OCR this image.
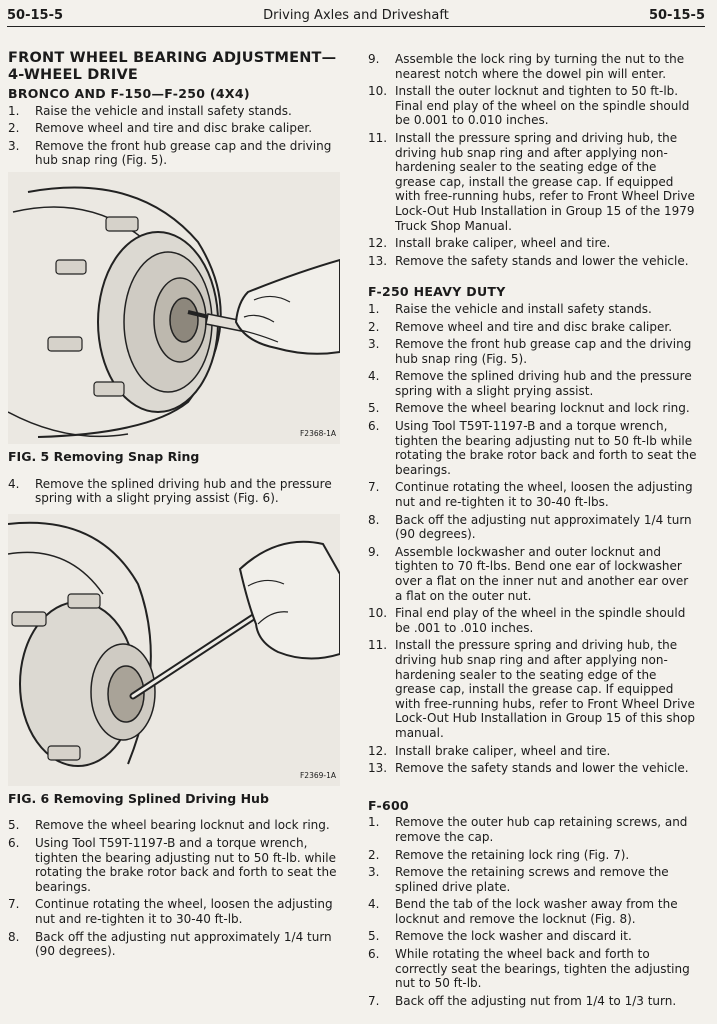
50-15-5	Driving Axles and Driveshaft	50-15-5
FRONT WHEEL BEARING ADJUSTMENT—4-WHEEL DRIVE
BRONCO AND F-150—F-250 (4X4)
1. Raise the vehicle and install safety stands.
2. Remove wheel and tire and disc brake caliper.
3. Remove the front hub grease cap and the driving hub snap ring (Fig. 5).
F2368-1A
FIG. 5 Removing Snap Ring
4. Remove the splined driving hub and the pressure spring with a slight prying assist (Fig. 6).
F2369-1A
FIG. 6 Removing Splined Driving Hub
5. Remove the wheel bearing locknut and lock ring.
6. Using Tool T59T-1197-B and a torque wrench, tighten the bearing adjusting nut to 50 ft-lb. while rotating the brake rotor back and forth to seat the bearings.
7. Continue rotating the wheel, loosen the adjusting nut and re-tighten it to 30-40 ft-lb.
8. Back off the adjusting nut approximately 1/4 turn (90 degrees).
9. Assemble the lock ring by turning the nut to the nearest notch where the dowel pin will enter.
10. Install the outer locknut and tighten to 50 ft-lb. Final end play of the wheel on the spindle should be 0.001 to 0.010 inches.
11. Install the pressure spring and driving hub, the driving hub snap ring and after applying non-hardening sealer to the seating edge of the grease cap, install the grease cap. If equipped with free-running hubs, refer to Front Wheel Drive Lock-Out Hub Installation in Group 15 of the 1979 Truck Shop Manual.
12. Install brake caliper, wheel and tire.
13. Remove the safety stands and lower the vehicle.
F-250 HEAVY DUTY
1. Raise the vehicle and install safety stands.
2. Remove wheel and tire and disc brake caliper.
3. Remove the front hub grease cap and the driving hub snap ring (Fig. 5).
4. Remove the splined driving hub and the pressure spring with a slight prying assist.
5. Remove the wheel bearing locknut and lock ring.
6. Using Tool T59T-1197-B and a torque wrench, tighten the bearing adjusting nut to 50 ft-lb while rotating the brake rotor back and forth to seat the bearings.
7. Continue rotating the wheel, loosen the adjusting nut and re-tighten it to 30-40 ft-lbs.
8. Back off the adjusting nut approximately 1/4 turn (90 degrees).
9. Assemble lockwasher and outer locknut and tighten to 70 ft-lbs. Bend one ear of lockwasher over a flat on the inner nut and another ear over a flat on the outer nut.
10. Final end play of the wheel in the spindle should be .001 to .010 inches.
11. Install the pressure spring and driving hub, the driving hub snap ring and after applying non-hardening sealer to the seating edge of the grease cap, install the grease cap. If equipped with free-running hubs, refer to Front Wheel Drive Lock-Out Hub Installation in Group 15 of this shop manual.
12. Install brake caliper, wheel and tire.
13. Remove the safety stands and lower the vehicle.
F-600
1. Remove the outer hub cap retaining screws, and remove the cap.
2. Remove the retaining lock ring (Fig. 7).
3. Remove the retaining screws and remove the splined drive plate.
4. Bend the tab of the lock washer away from the locknut and remove the locknut (Fig. 8).
5. Remove the lock washer and discard it.
6. While rotating the wheel back and forth to correctly seat the bearings, tighten the adjusting nut to 50 ft-lb.
7. Back off the adjusting nut from 1/4 to 1/3 turn.
